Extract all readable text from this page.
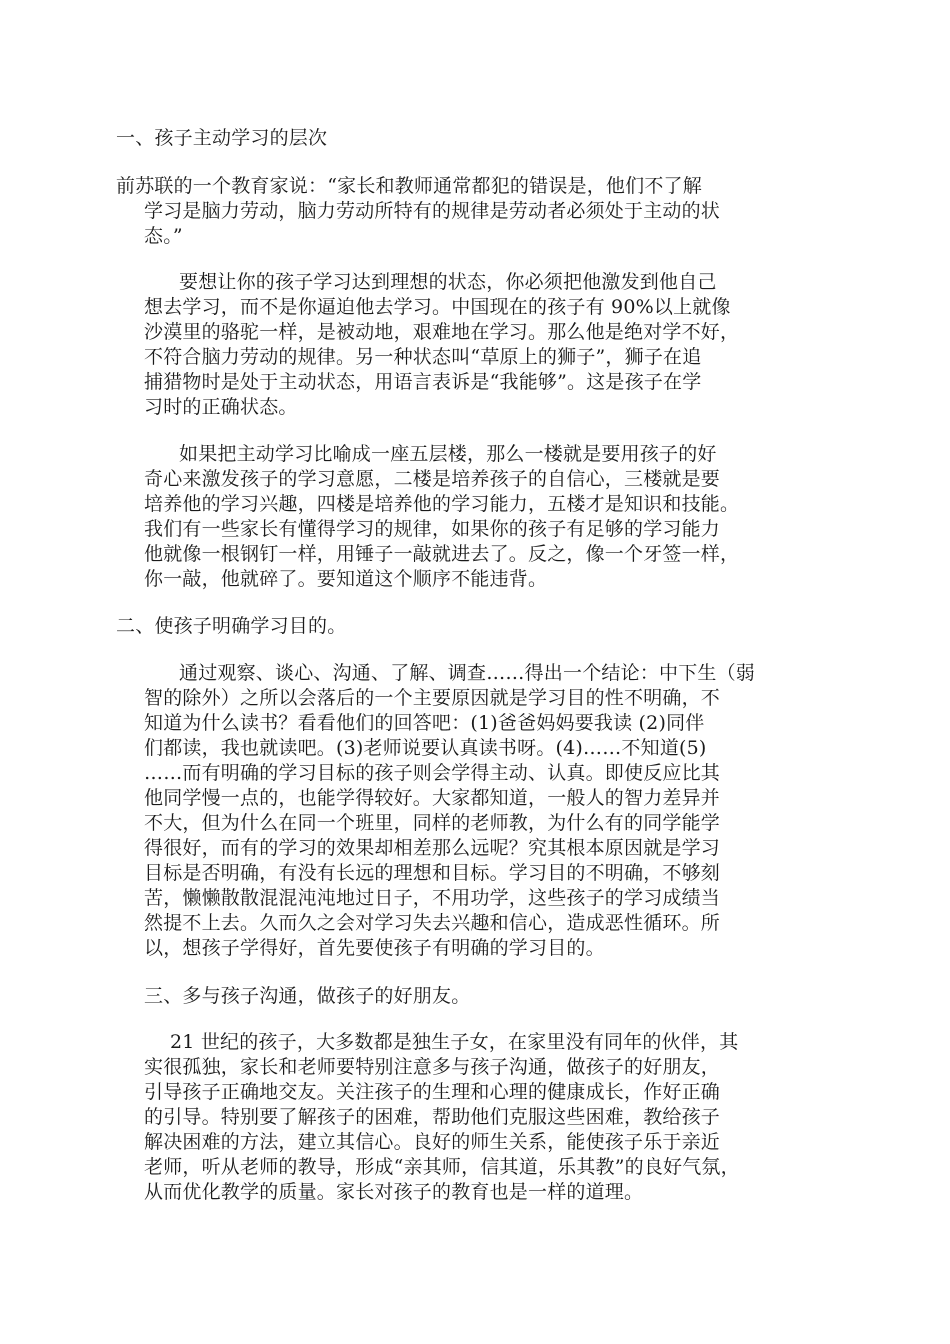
一、孩子主动学习的层次
前苏联的一个教育家说：“家长和教师通常都犯的错误是，他们不了解
学习是脑力劳动，脑力劳动所特有的规律是劳动者必须处于主动的状
态。”
要想让你的孩子学习达到理想的状态，你必须把他激发到他自己
想去学习，而不是你逼迫他去学习。中国现在的孩子有 90%以上就像
沙漠里的骆驼一样，是被动地，艰难地在学习。那么他是绝对学不好，
不符合脑力劳动的规律。另一种状态叫“草原上的狮子”，狮子在追
捕猎物时是处于主动状态，用语言表诉是“我能够”。这是孩子在学
习时的正确状态。
如果把主动学习比喻成一座五层楼，那么一楼就是要用孩子的好
奇心来激发孩子的学习意愿，二楼是培养孩子的自信心，三楼就是要
培养他的学习兴趣，四楼是培养他的学习能力，五楼才是知识和技能。
我们有一些家长有懂得学习的规律，如果你的孩子有足够的学习能力
他就像一根钢钉一样，用锤子一敲就进去了。反之，像一个牙签一样，
你一敲，他就碎了。要知道这个顺序不能违背。
二、使孩子明确学习目的。
通过观察、谈心、沟通、了解、调查……得出一个结论：中下生（弱
智的除外）之所以会落后的一个主要原因就是学习目的性不明确，不
知道为什么读书？看看他们的回答吧：(1)爸爸妈妈要我读 (2)同伴
们都读，我也就读吧。(3)老师说要认真读书呀。(4)……不知道(5)
……而有明确的学习目标的孩子则会学得主动、认真。即使反应比其
他同学慢一点的，也能学得较好。大家都知道，一般人的智力差异并
不大，但为什么在同一个班里，同样的老师教，为什么有的同学能学
得很好，而有的学习的效果却相差那么远呢？究其根本原因就是学习
目标是否明确，有没有长远的理想和目标。学习目的不明确，不够刻
苦，懒懒散散混混沌沌地过日子，不用功学，这些孩子的学习成绩当
然提不上去。久而久之会对学习失去兴趣和信心，造成恶性循环。所
以，想孩子学得好，首先要使孩子有明确的学习目的。
三、多与孩子沟通，做孩子的好朋友。
21 世纪的孩子，大多数都是独生子女，在家里没有同年的伙伴，其
实很孤独，家长和老师要特别注意多与孩子沟通，做孩子的好朋友，
引导孩子正确地交友。关注孩子的生理和心理的健康成长，作好正确
的引导。特别要了解孩子的困难，帮助他们克服这些困难，教给孩子
解决困难的方法，建立其信心。良好的师生关系，能使孩子乐于亲近
老师，听从老师的教导，形成“亲其师，信其道，乐其教”的良好气氛，
从而优化教学的质量。家长对孩子的教育也是一样的道理。
